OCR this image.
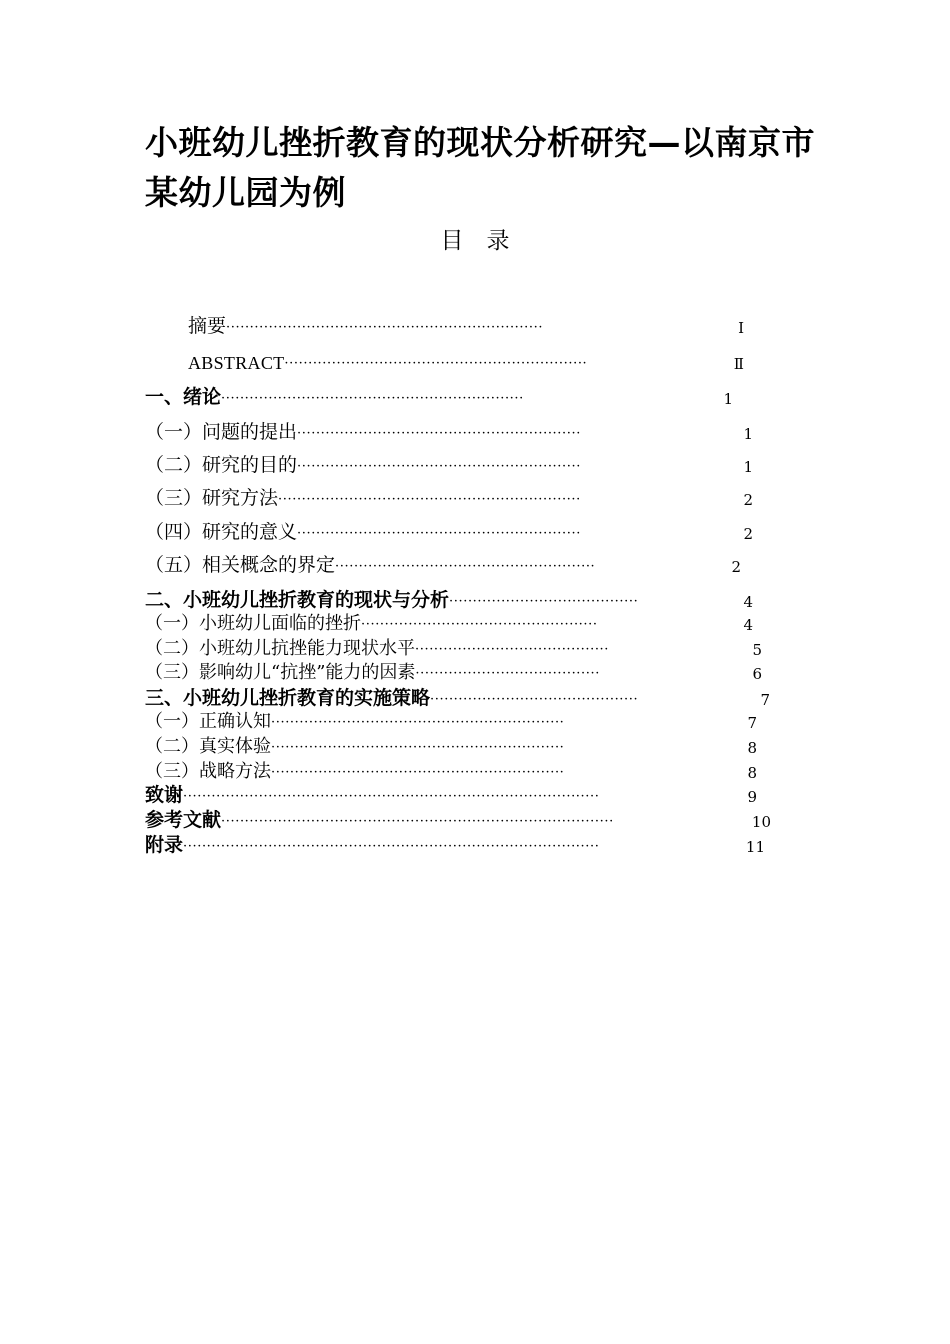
小班幼儿挫折教育的现状分析研究—以南京市某幼儿园为例
目　录
摘要 ···································································	Ⅰ
ABSTRACT ································································	Ⅱ
一、绪论 ································································	1
（一）问题的提出 ····························································	1
（二）研究的目的 ····························································	1
（三）研究方法 ································································	2
（四）研究的意义 ····························································	2
（五）相关概念的界定 ·······················································	2
二、小班幼儿挫折教育的现状与分析 ········································	4
（一）小班幼儿面临的挫折 ··················································	4
（二）小班幼儿抗挫能力现状水平 ·········································	5
（三）影响幼儿“抗挫”能力的因素 ·······································	6
三、小班幼儿挫折教育的实施策略 ············································	7
（一）正确认知 ······························································	7
（二）真实体验 ······························································	8
（三）战略方法 ······························································	8
致谢 ························································································	9
参考文献 ···················································································	10
附录 ························································································	11
